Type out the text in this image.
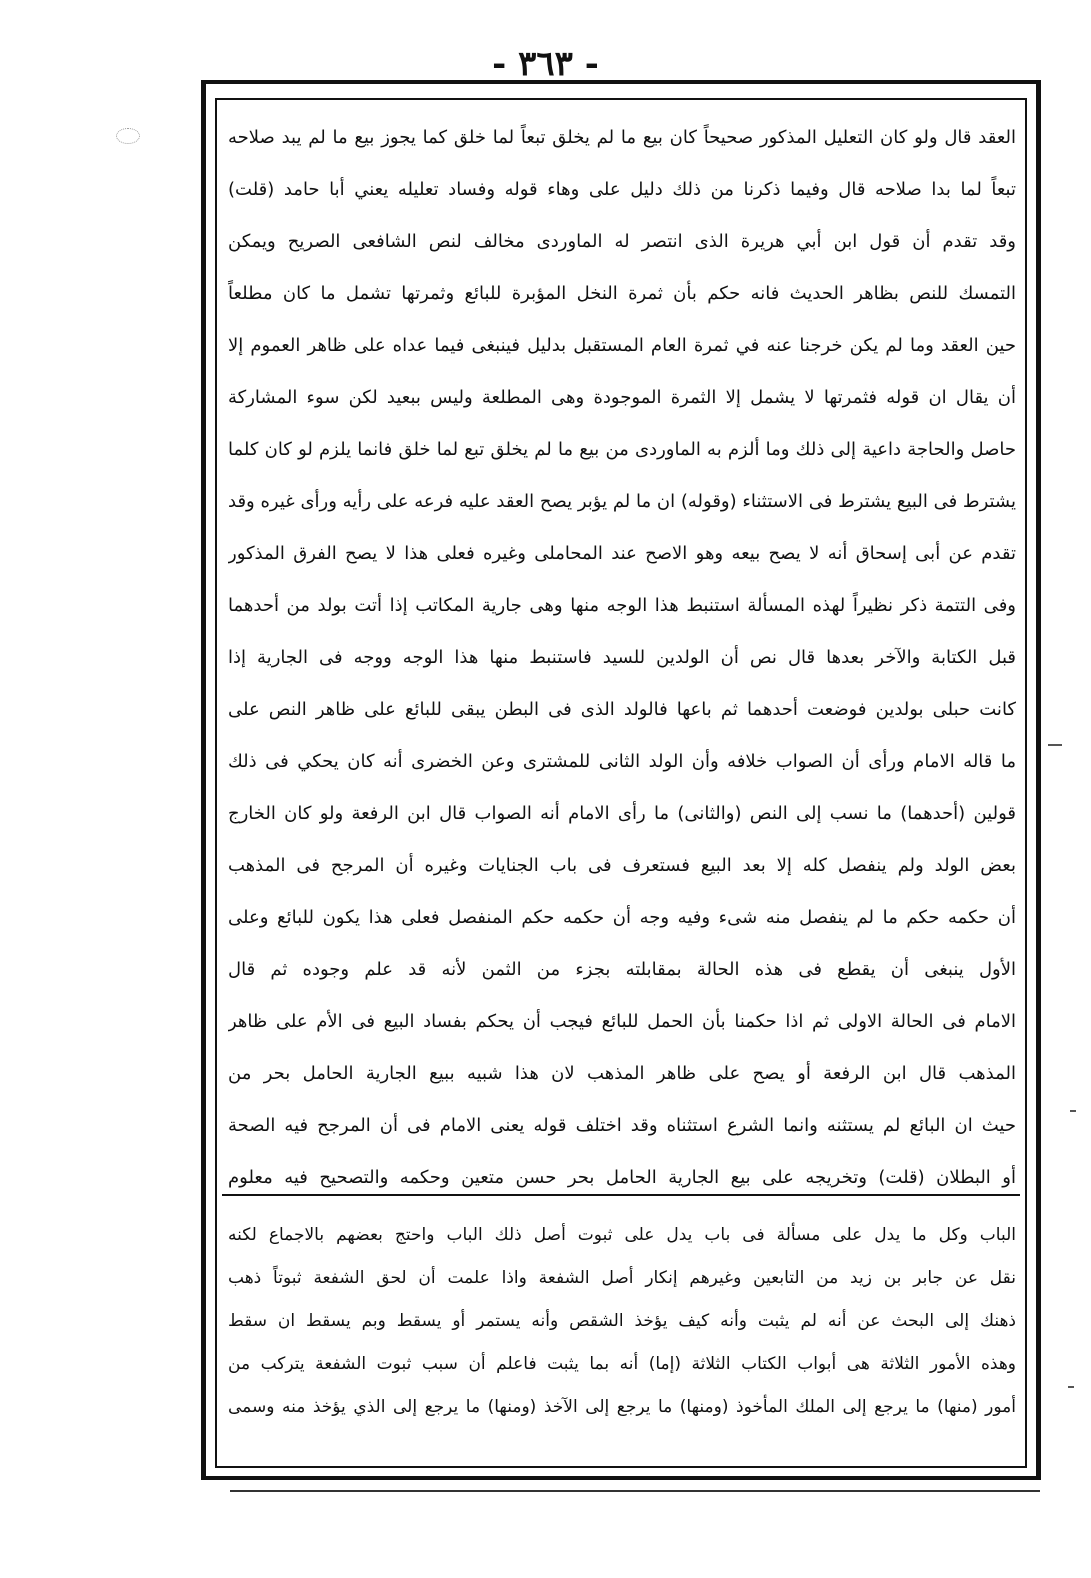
- ٣٦٣ -
العقد قال ولو كان التعليل المذكور صحيحاً كان بيع ما لم يخلق تبعاً لما خلق كما يجوز بيع ما لم يبد صلاحه
تبعاً لما بدا صلاحه قال وفيما ذكرنا من ذلك دليل على وهاء قوله وفساد تعليله يعني أبا حامد (قلت)
وقد تقدم أن قول ابن أبي هريرة الذى انتصر له الماوردى مخالف لنص الشافعى الصريح ويمكن
التمسك للنص بظاهر الحديث فانه حكم بأن ثمرة النخل المؤبرة للبائع وثمرتها تشمل ما كان مطلعاً
حين العقد وما لم يكن خرجنا عنه في ثمرة العام المستقبل بدليل فينبغى فيما عداه على ظاهر العموم إلا
أن يقال ان قوله فثمرتها لا يشمل إلا الثمرة الموجودة وهى المطلعة وليس ببعيد لكن سوء المشاركة
حاصل والحاجة داعية إلى ذلك وما ألزم به الماوردى من بيع ما لم يخلق تبع لما خلق فانما يلزم لو كان كلما
يشترط فى البيع يشترط فى الاستثناء (وقوله) ان ما لم يؤبر يصح العقد عليه فرعه على رأيه ورأى غيره وقد
تقدم عن أبى إسحاق أنه لا يصح بيعه وهو الاصح عند المحاملى وغيره فعلى هذا لا يصح الفرق المذكور
وفى التتمة ذكر نظيراً لهذه المسألة استنبط هذا الوجه منها وهى جارية المكاتب إذا أتت بولد من أحدهما
قبل الكتابة والآخر بعدها قال نص أن الولدين للسيد فاستنبط منها هذا الوجه ووجه فى الجارية إذا
كانت حبلى بولدين فوضعت أحدهما ثم باعها فالولد الذى فى البطن يبقى للبائع على ظاهر النص على
ما قاله الامام ورأى أن الصواب خلافه وأن الولد الثانى للمشترى وعن الخضرى أنه كان يحكي فى ذلك
قولين (أحدهما) ما نسب إلى النص (والثانى) ما رأى الامام أنه الصواب قال ابن الرفعة ولو كان الخارج
بعض الولد ولم ينفصل كله إلا بعد البيع فستعرف فى باب الجنايات وغيره أن المرجح فى المذهب
أن حكمه حكم ما لم ينفصل منه شىء وفيه وجه أن حكمه حكم المنفصل فعلى هذا يكون للبائع وعلى
الأول ينبغى أن يقطع فى هذه الحالة بمقابلته بجزء من الثمن لأنه قد علم وجوده ثم قال
الامام فى الحالة الاولى ثم اذا حكمنا بأن الحمل للبائع فيجب أن يحكم بفساد البيع فى الأم على ظاهر
المذهب قال ابن الرفعة أو يصح على ظاهر المذهب لان هذا شبيه ببيع الجارية الحامل بحر من
حيث ان البائع لم يستثنه وانما الشرع استثناه وقد اختلف قوله يعنى الامام فى أن المرجح فيه الصحة
أو البطلان (قلت) وتخريجه على بيع الجارية الحامل بحر حسن متعين وحكمه والتصحيح فيه معلوم
الباب وكل ما يدل على مسألة فى باب يدل على ثبوت أصل ذلك الباب واحتج بعضهم بالاجماع لكنه
نقل عن جابر بن زيد من التابعين وغيرهم إنكار أصل الشفعة واذا علمت أن لحق الشفعة ثبوتاً ذهب
ذهنك إلى البحث عن أنه لم يثبت وأنه كيف يؤخذ الشقص وأنه يستمر أو يسقط وبم يسقط ان سقط
وهذه الأمور الثلاثة هى أبواب الكتاب الثلاثة (إما) أنه بما يثبت فاعلم أن سبب ثبوت الشفعة يتركب من
أمور (منها) ما يرجع إلى الملك المأخوذ (ومنها) ما يرجع إلى الآخذ (ومنها) ما يرجع إلى الذي يؤخذ منه وسمى
